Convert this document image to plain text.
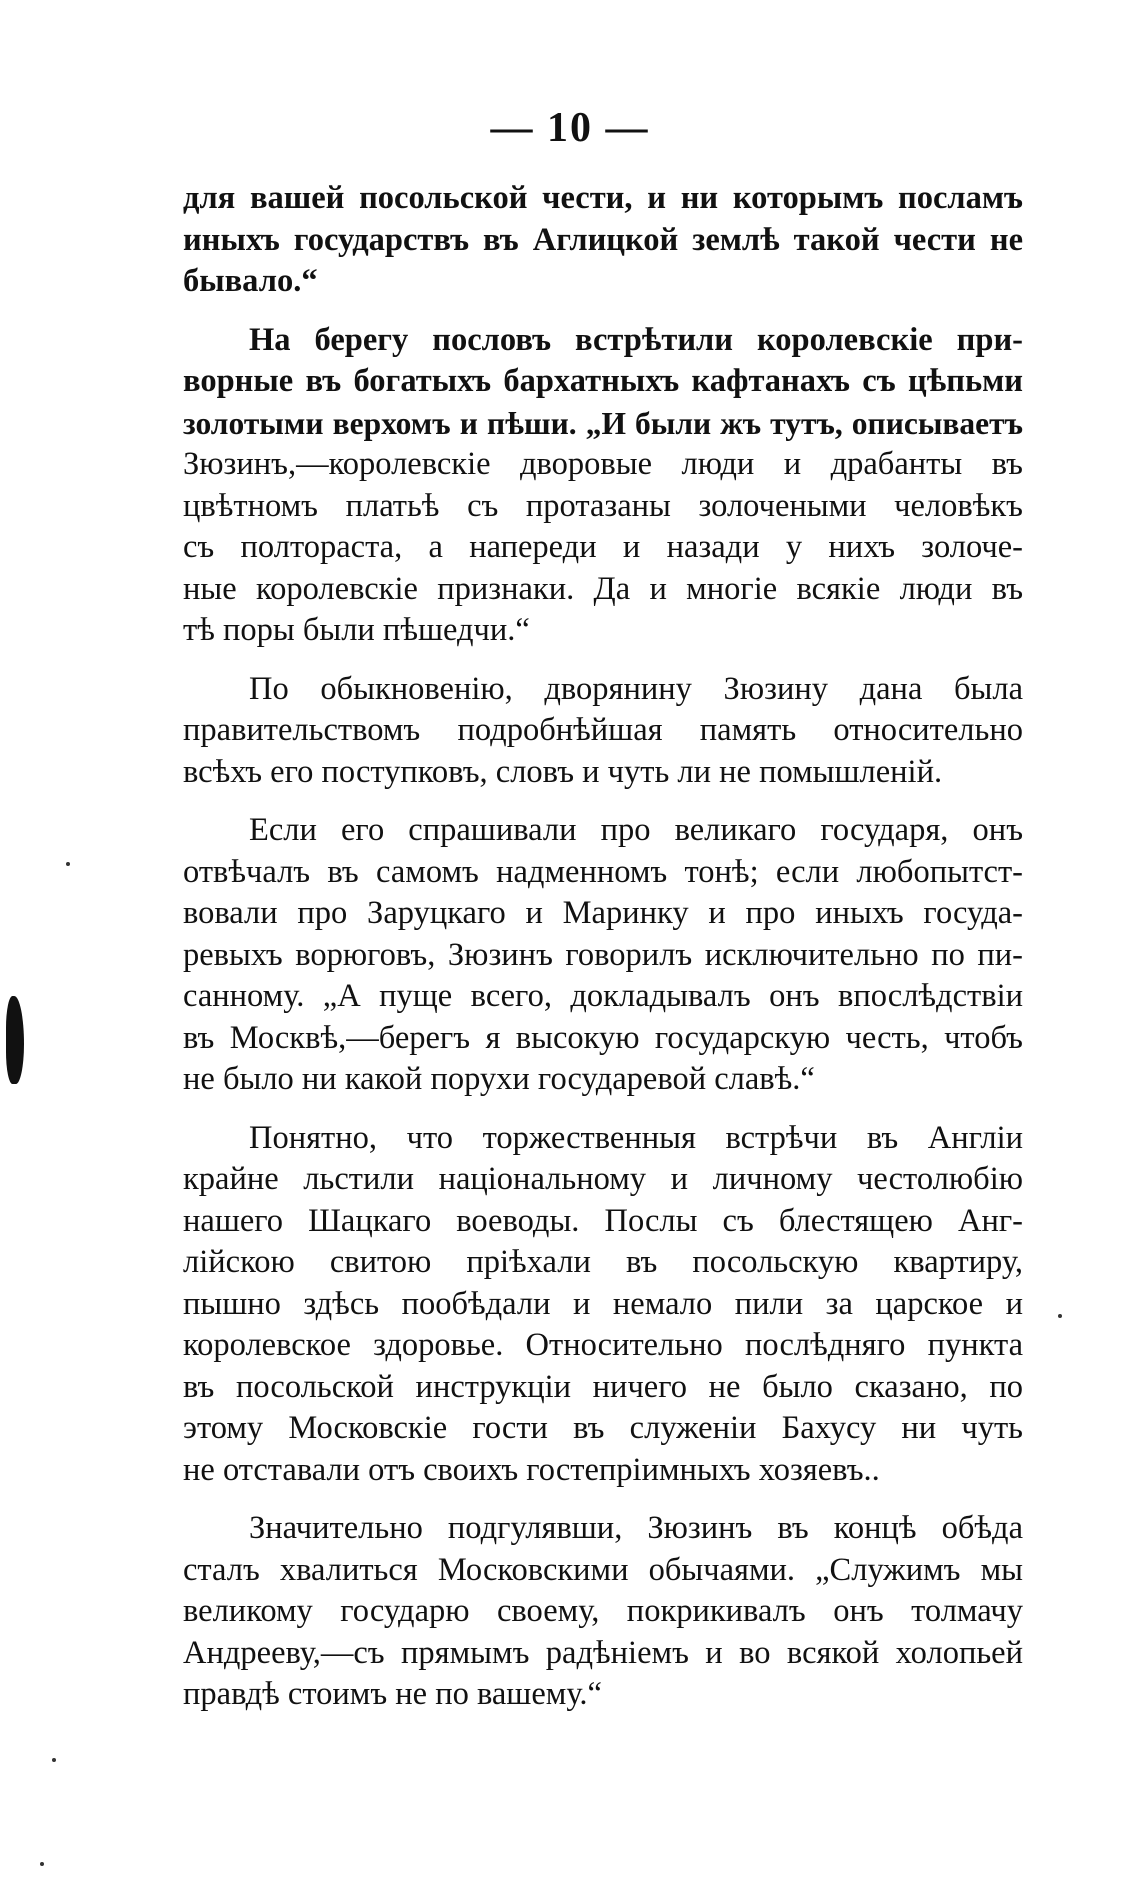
— 10 —

для вашей посольской чести, и ни которымъ посламъ
иныхъ государствъ въ Аглицкой землѣ такой чести не
бывало.“

На берегу пословъ встрѣтили королевскіе при-
ворные въ богатыхъ бархатныхъ кафтанахъ съ цѣпьми
золотыми верхомъ и пѣши. „И были жъ тутъ, описываетъ
Зюзинъ,—королевскіе дворовые люди и драбанты въ
цвѣтномъ платьѣ съ протазаны золочеными человѣкъ
съ полтораста, а напереди и назади у нихъ золоче-
ные королевскіе признаки. Да и многіе всякіе люди въ
тѣ поры были пѣшедчи.“

По обыкновенію, дворянину Зюзину дана была
правительствомъ подробнѣйшая память относительно
всѣхъ его поступковъ, словъ и чуть ли не помышленій.

Если его спрашивали про великаго государя, онъ
отвѣчалъ въ самомъ надменномъ тонѣ; если любопытст-
вовали про Заруцкаго и Маринку и про иныхъ госуда-
ревыхъ ворюговъ, Зюзинъ говорилъ исключительно по пи-
санному. „А пуще всего, докладывалъ онъ впослѣдствіи
въ Москвѣ,—берегъ я высокую государскую честь, чтобъ
не было ни какой порухи государевой славѣ.“

Понятно, что торжественныя встрѣчи въ Англіи
крайне льстили національному и личному честолюбію
нашего Шацкаго воеводы. Послы съ блестящею Анг-
лійскою свитою пріѣхали въ посольскую квартиру,
пышно здѣсь пообѣдали и немало пили за царское и
королевское здоровье. Относительно послѣдняго пункта
въ посольской инструкціи ничего не было сказано, по
этому Московскіе гости въ служеніи Бахусу ни чуть
не отставали отъ своихъ гостепріимныхъ хозяевъ..

Значительно подгулявши, Зюзинъ въ концѣ обѣда
сталъ хвалиться Московскими обычаями. „Служимъ мы
великому государю своему, покрикивалъ онъ толмачу
Андрееву,—съ прямымъ радѣніемъ и во всякой холопьей
правдѣ стоимъ не по вашему.“
